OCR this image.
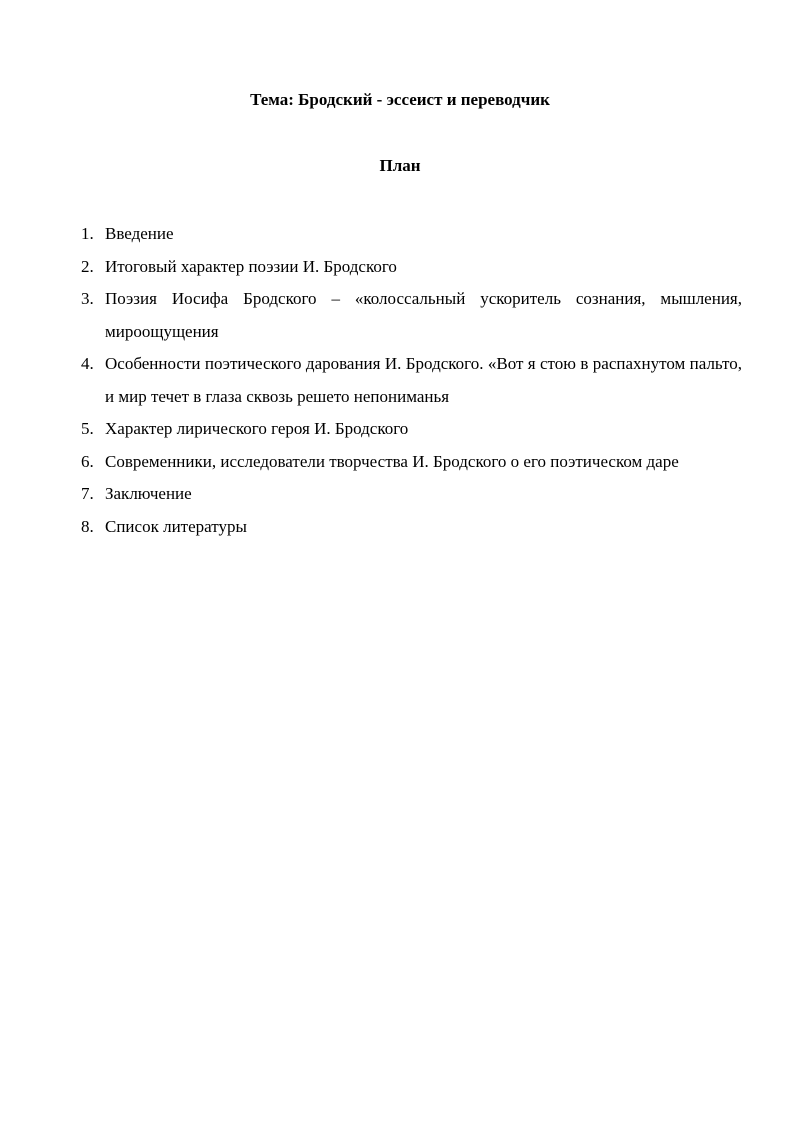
Тема: Бродский - эссеист и переводчик
План
1. Введение
2. Итоговый характер поэзии И. Бродского
3. Поэзия Иосифа Бродского – «колоссальный ускоритель сознания, мышления, мироощущения
4. Особенности поэтического дарования И. Бродского. «Вот я стою в распахнутом пальто, и мир течет в глаза сквозь решето непониманья
5. Характер лирического героя И. Бродского
6. Современники, исследователи творчества И. Бродского о его поэтическом даре
7. Заключение
8. Список литературы
